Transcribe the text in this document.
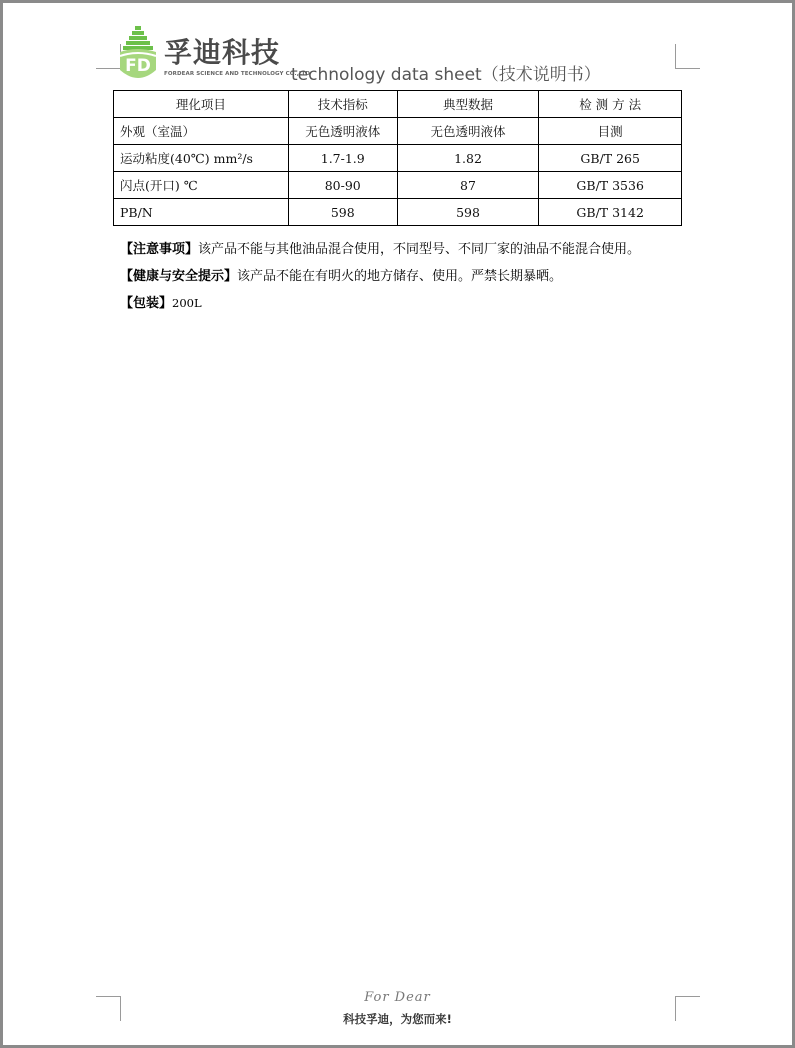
FD 孚迪科技
FORDEAR SCIENCE AND TECHNOLOGY CO.,LTD
technology data sheet（技术说明书）
理化项目	技术指标	典型数据	检 测 方 法
外观（室温）	无色透明液体	无色透明液体	目测
运动粘度(40℃) mm²/s	1.7-1.9	1.82	GB/T 265
闪点(开口) ℃	80-90	87	GB/T 3536
PB/N	598	598	GB/T 3142
【注意事项】该产品不能与其他油品混合使用，不同型号、不同厂家的油品不能混合使用。
【健康与安全提示】该产品不能在有明火的地方储存、使用。严禁长期暴晒。
【包装】200L
For Dear
科技孚迪，为您而来!
